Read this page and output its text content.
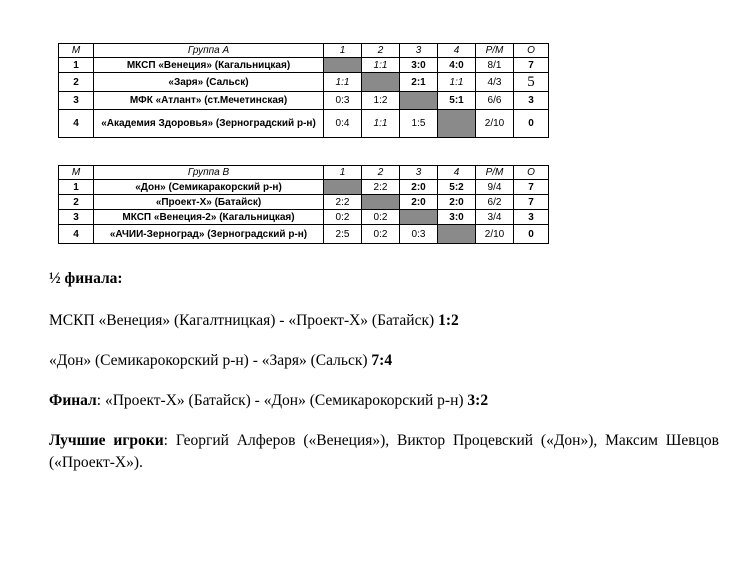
М	Группа А	1	2	3	4	Р/М	О
1	МКСП «Венеция» (Кагальницкая)		1:1	3:0	4:0	8/1	7
2	«Заря» (Сальск)	1:1		2:1	1:1	4/3	5
3	МФК «Атлант» (ст.Мечетинская)	0:3	1:2		5:1	6/6	3
4	«Академия Здоровья» (Зерноградский р-н)	0:4	1:1	1:5		2/10	0
М	Группа В	1	2	3	4	Р/М	О
1	«Дон» (Семикаракорский р-н)		2:2	2:0	5:2	9/4	7
2	«Проект-Х» (Батайск)	2:2		2:0	2:0	6/2	7
3	МКСП «Венеция-2» (Кагальницкая)	0:2	0:2		3:0	3/4	3
4	«АЧИИ-Зерноград» (Зерноградский р-н)	2:5	0:2	0:3		2/10	0
½ финала:
МСКП «Венеция» (Кагалтницкая) - «Проект-Х» (Батайск) 1:2
«Дон» (Семикарокорский р-н) - «Заря» (Сальск) 7:4
Финал: «Проект-Х» (Батайск) - «Дон» (Семикарокорский р-н) 3:2
Лучшие игроки: Георгий Алферов («Венеция»), Виктор Процевский («Дон»), Максим Шевцов («Проект-Х»).
